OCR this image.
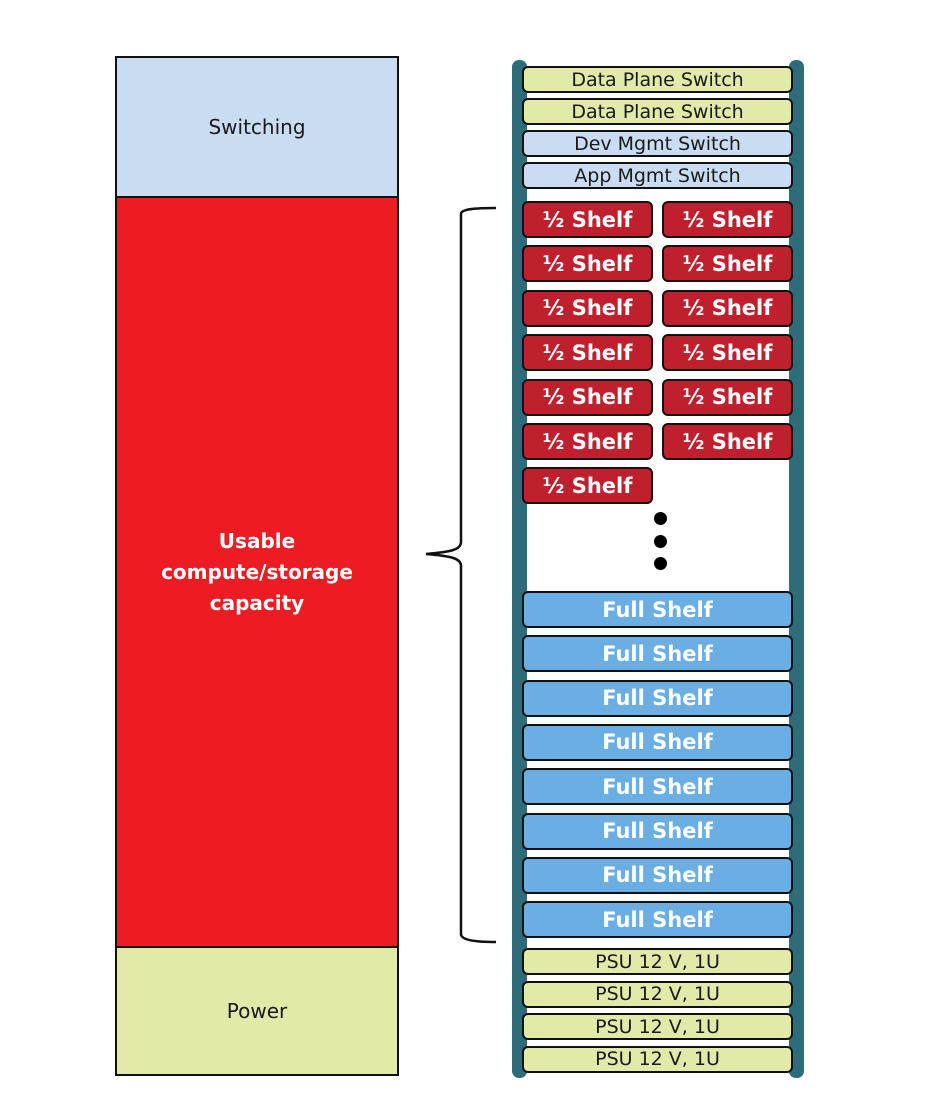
Switching
Usable
compute/storage
capacity
Power
Data Plane Switch
Data Plane Switch
Dev Mgmt Switch
App Mgmt Switch
½ Shelf ½ Shelf
½ Shelf ½ Shelf
½ Shelf ½ Shelf
½ Shelf ½ Shelf
½ Shelf ½ Shelf
½ Shelf ½ Shelf
½ Shelf
Full Shelf
Full Shelf
Full Shelf
Full Shelf
Full Shelf
Full Shelf
Full Shelf
Full Shelf
PSU 12 V, 1U
PSU 12 V, 1U
PSU 12 V, 1U
PSU 12 V, 1U
